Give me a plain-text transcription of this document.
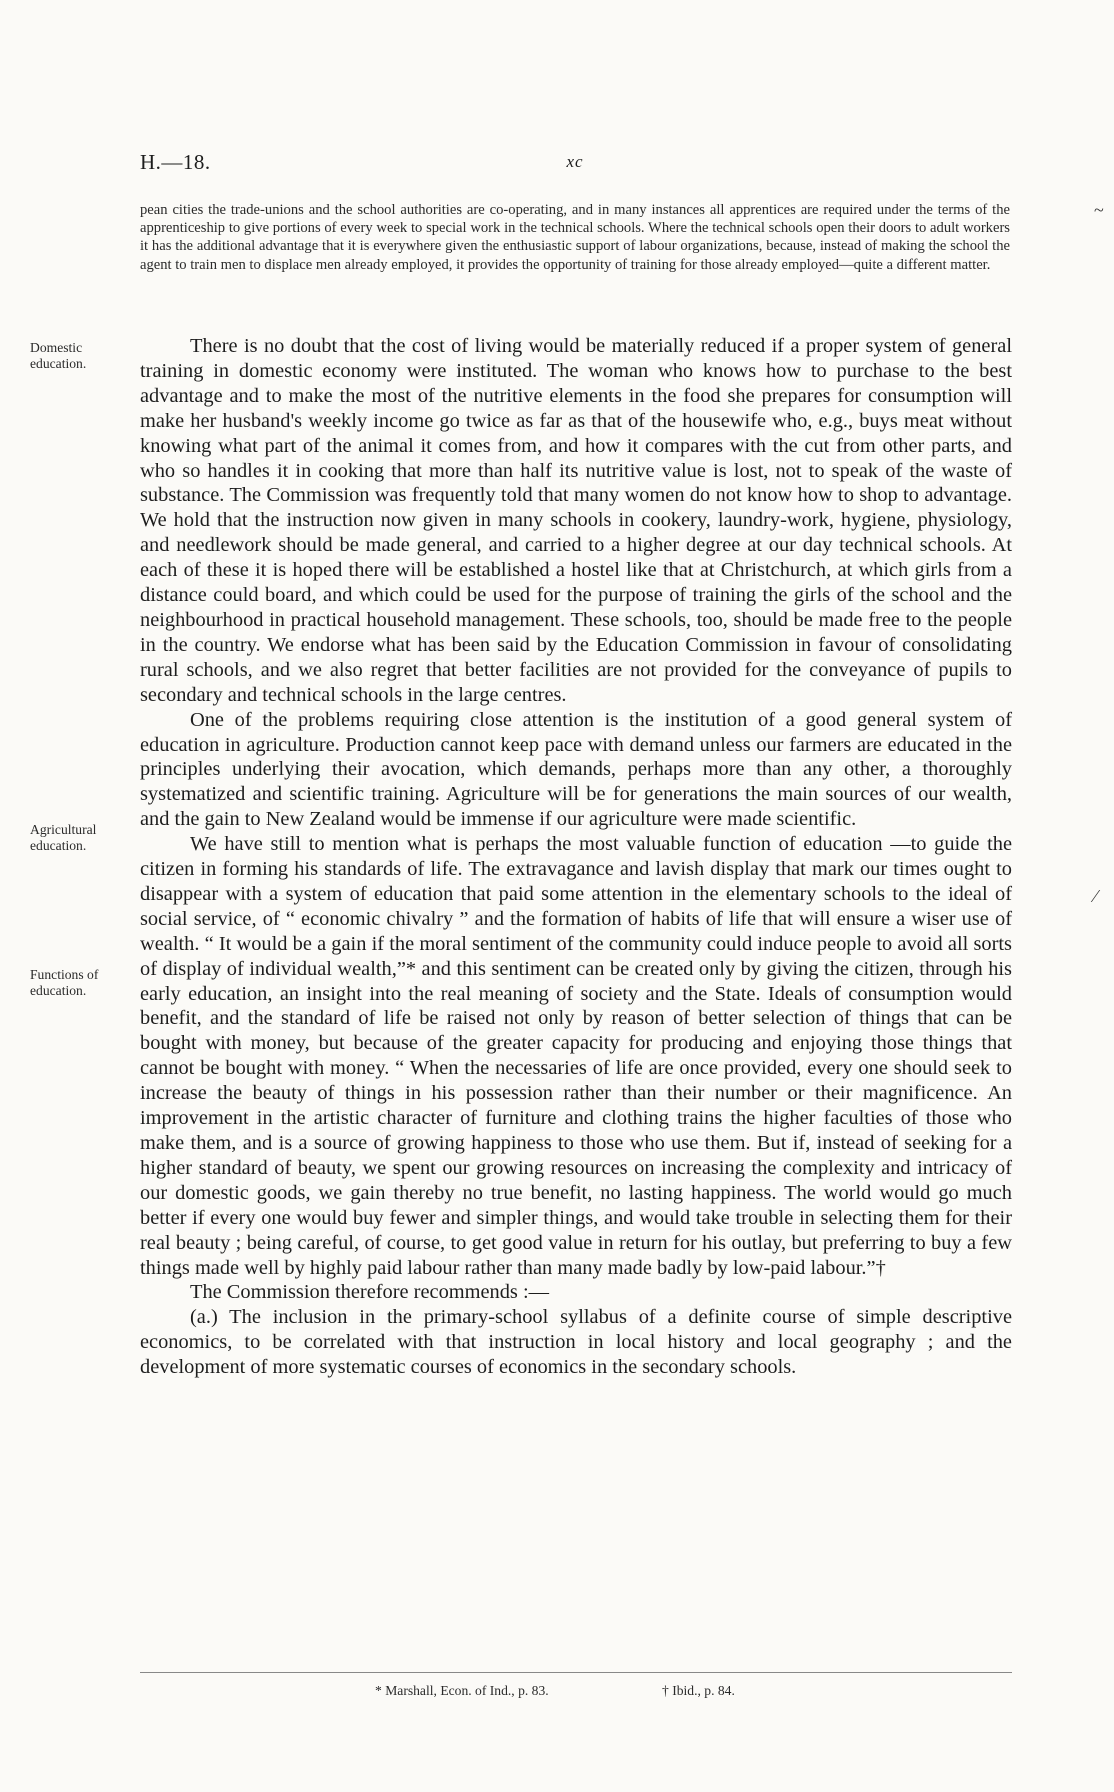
H.—18.	xc
pean cities the trade-unions and the school authorities are co-operating, and in many instances all apprentices are required under the terms of the apprenticeship to give portions of every week to special work in the technical schools. Where the technical schools open their doors to adult workers it has the additional advantage that it is everywhere given the enthusiastic support of labour organizations, because, instead of making the school the agent to train men to displace men already employed, it provides the opportunity of training for those already employed—quite a different matter.
Domestic education.
Agricultural education.
Functions of education.

There is no doubt that the cost of living would be materially reduced if a proper system of general training in domestic economy were instituted. The woman who knows how to purchase to the best advantage and to make the most of the nutritive elements in the food she prepares for consumption will make her husband's weekly income go twice as far as that of the housewife who, e.g., buys meat without knowing what part of the animal it comes from, and how it compares with the cut from other parts, and who so handles it in cooking that more than half its nutritive value is lost, not to speak of the waste of substance. The Commission was frequently told that many women do not know how to shop to advantage. We hold that the instruction now given in many schools in cookery, laundry-work, hygiene, physiology, and needlework should be made general, and carried to a higher degree at our day technical schools. At each of these it is hoped there will be established a hostel like that at Christchurch, at which girls from a distance could board, and which could be used for the purpose of training the girls of the school and the neighbourhood in practical household management. These schools, too, should be made free to the people in the country. We endorse what has been said by the Education Commission in favour of consolidating rural schools, and we also regret that better facilities are not provided for the conveyance of pupils to secondary and technical schools in the large centres.

One of the problems requiring close attention is the institution of a good general system of education in agriculture. Production cannot keep pace with demand unless our farmers are educated in the principles underlying their avocation, which demands, perhaps more than any other, a thoroughly systematized and scientific training. Agriculture will be for generations the main sources of our wealth, and the gain to New Zealand would be immense if our agriculture were made scientific.

We have still to mention what is perhaps the most valuable function of education —to guide the citizen in forming his standards of life. The extravagance and lavish display that mark our times ought to disappear with a system of education that paid some attention in the elementary schools to the ideal of social service, of “ economic chivalry ” and the formation of habits of life that will ensure a wiser use of wealth. “ It would be a gain if the moral sentiment of the community could induce people to avoid all sorts of display of individual wealth,”* and this sentiment can be created only by giving the citizen, through his early education, an insight into the real meaning of society and the State. Ideals of consumption would benefit, and the standard of life be raised not only by reason of better selection of things that can be bought with money, but because of the greater capacity for producing and enjoying those things that cannot be bought with money. “ When the necessaries of life are once provided, every one should seek to increase the beauty of things in his possession rather than their number or their magnificence. An improvement in the artistic character of furniture and clothing trains the higher faculties of those who make them, and is a source of growing happiness to those who use them. But if, instead of seeking for a higher standard of beauty, we spent our growing resources on increasing the complexity and intricacy of our domestic goods, we gain thereby no true benefit, no lasting happiness. The world would go much better if every one would buy fewer and simpler things, and would take trouble in selecting them for their real beauty ; being careful, of course, to get good value in return for his outlay, but preferring to buy a few things made well by highly paid labour rather than many made badly by low-paid labour.”†

The Commission therefore recommends :—

(a.) The inclusion in the primary-school syllabus of a definite course of simple descriptive economics, to be correlated with that instruction in local history and local geography ; and the development of more systematic courses of economics in the secondary schools.

* Marshall, Econ. of Ind., p. 83.	† Ibid., p. 84.
~
⁄
